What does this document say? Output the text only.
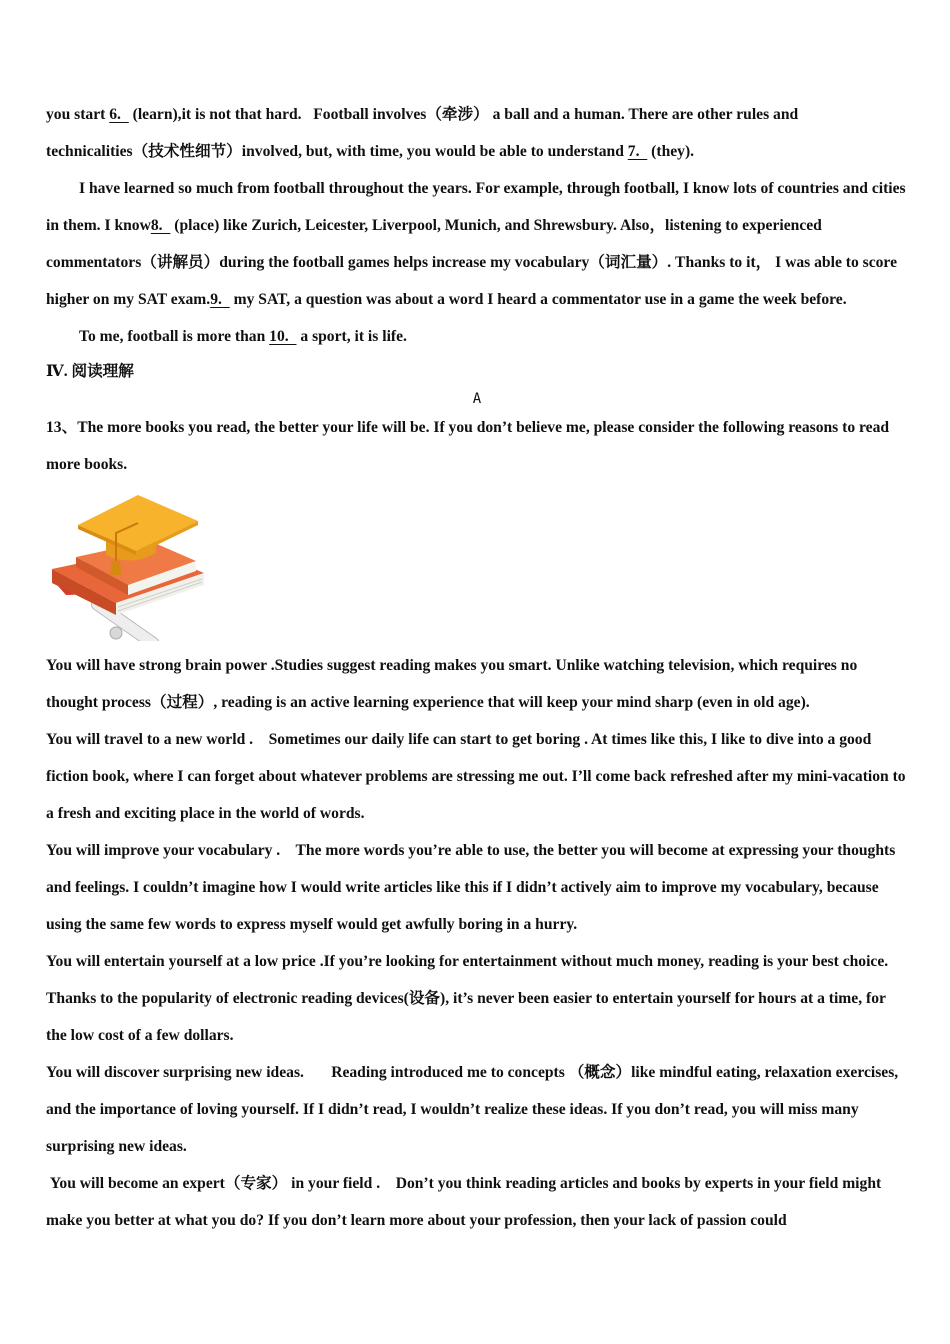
you start 6.   (learn),it is not that hard.   Football involves（牵涉） a ball and a human. There are other rules and

technicalities（技术性细节）involved, but, with time, you would be able to understand 7.   (they).

I have learned so much from football throughout the years. For example, through football, I know lots of countries and cities in them. I know8.   (place) like Zurich, Leicester, Liverpool, Munich, and Shrewsbury. Also，listening to experienced commentators（讲解员）during the football games helps increase my vocabulary（词汇量）. Thanks to it， I was able to score higher on my SAT exam.9.   my SAT, a question was about a word I heard a commentator use in a game the week before.

To me, football is more than 10.   a sport, it is life.

Ⅳ. 阅读理解

A

13、The more books you read, the better your life will be. If you don’t believe me, please consider the following reasons to read more books.

You will have strong brain power .Studies suggest reading makes you smart. Unlike watching television, which requires no thought process（过程）, reading is an active learning experience that will keep your mind sharp (even in old age).

You will travel to a new world .    Sometimes our daily life can start to get boring . At times like this, I like to dive into a good fiction book, where I can forget about whatever problems are stressing me out. I’ll come back refreshed after my mini-vacation to a fresh and exciting place in the world of words.

You will improve your vocabulary .    The more words you’re able to use, the better you will become at expressing your thoughts and feelings. I couldn’t imagine how I would write articles like this if I didn’t actively aim to improve my vocabulary, because using the same few words to express myself would get awfully boring in a hurry.

You will entertain yourself at a low price .If you’re looking for entertainment without much money, reading is your best choice. Thanks to the popularity of electronic reading devices(设备), it’s never been easier to entertain yourself for hours at a time, for the low cost of a few dollars.

You will discover surprising new ideas.       Reading introduced me to concepts （概念）like mindful eating, relaxation exercises, and the importance of loving yourself. If I didn’t read, I wouldn’t realize these ideas. If you don’t read, you will miss many surprising new ideas.

You will become an expert（专家） in your field .    Don’t you think reading articles and books by experts in your field might make you better at what you do? If you don’t learn more about your profession, then your lack of passion could
